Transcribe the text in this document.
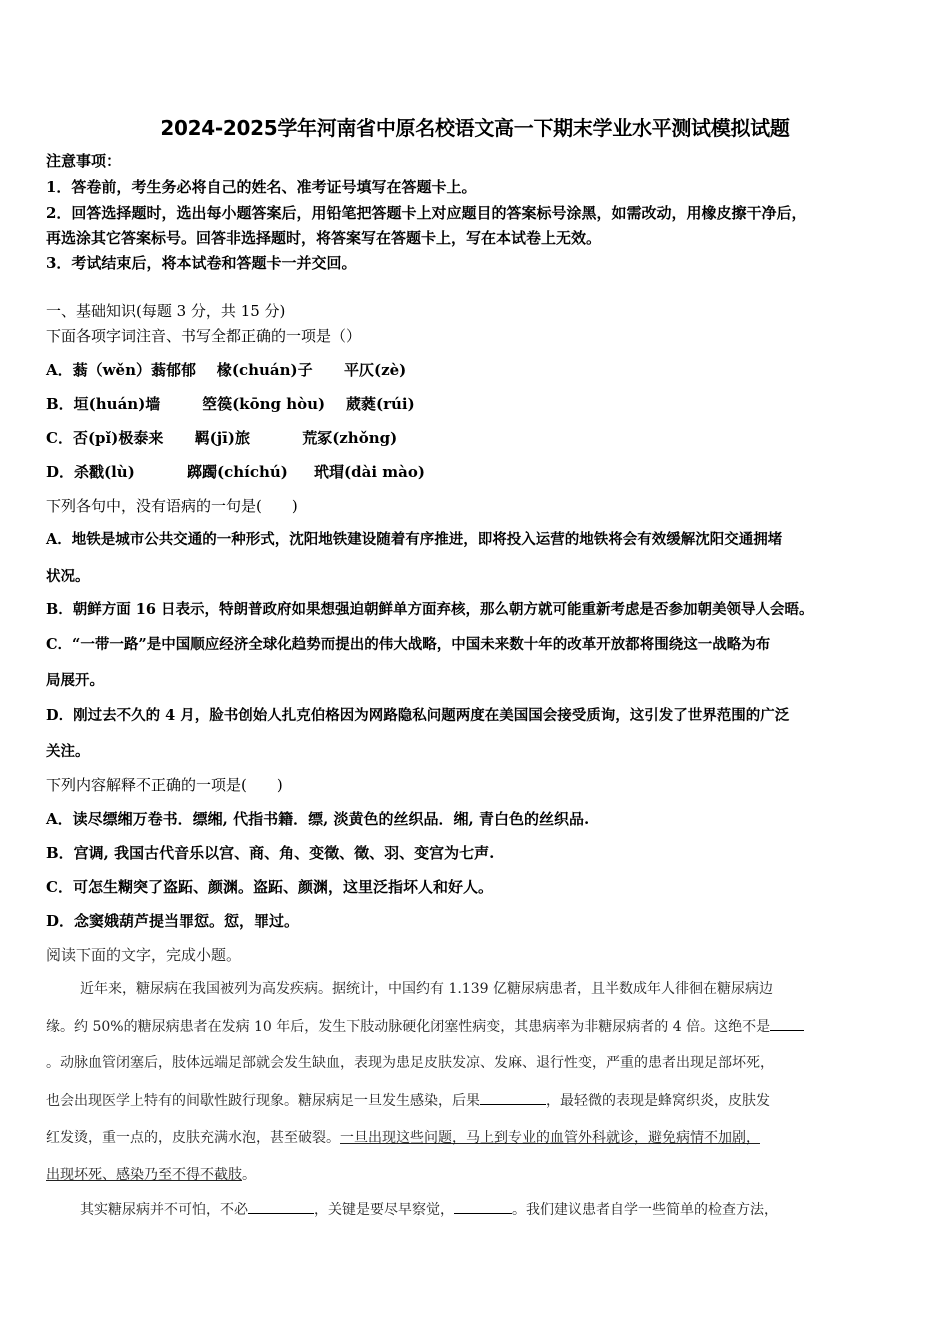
2024-2025学年河南省中原名校语文高一下期末学业水平测试模拟试题
注意事项：
1．答卷前，考生务必将自己的姓名、准考证号填写在答题卡上。
2．回答选择题时，选出每小题答案后，用铅笔把答题卡上对应题目的答案标号涂黑，如需改动，用橡皮擦干净后，
再选涂其它答案标号。回答非选择题时，将答案写在答题卡上，写在本试卷上无效。
3．考试结束后，将本试卷和答题卡一并交回。
一、基础知识(每题 3 分，共 15 分)
下面各项字词注音、书写全都正确的一项是（）
A．蓊（wěn）蓊郁郁    椽(chuán)子      平仄(zè)
B．垣(huán)墙        箜篌(kōng hòu)    葳蕤(rúi)
C．否(pǐ)极泰来      羁(jī)旅          荒冢(zhǒng)
D．杀戳(lù)          踯躅(chíchú)     玳瑁(dài mào)
下列各句中，没有语病的一句是(　　)
A．地铁是城市公共交通的一种形式，沈阳地铁建设随着有序推进，即将投入运营的地铁将会有效缓解沈阳交通拥堵
状况。
B．朝鲜方面 16 日表示，特朗普政府如果想强迫朝鲜单方面弃核，那么朝方就可能重新考虑是否参加朝美领导人会晤。
C．“一带一路”是中国顺应经济全球化趋势而提出的伟大战略，中国未来数十年的改革开放都将围绕这一战略为布
局展开。
D．刚过去不久的 4 月，脸书创始人扎克伯格因为网路隐私问题两度在美国国会接受质询，这引发了世界范围的广泛
关注。
下列内容解释不正确的一项是(　　)
A．读尽缥缃万卷书．缥缃, 代指书籍．缥, 淡黄色的丝织品．缃, 青白色的丝织品.
B．宫调, 我国古代音乐以宫、商、角、变徵、徵、羽、变宫为七声.
C．可怎生糊突了盗跖、颜渊。盗跖、颜渊，这里泛指坏人和好人。
D．念窦娥葫芦提当罪愆。愆，罪过。
阅读下面的文字，完成小题。
近年来，糖尿病在我国被列为高发疾病。据统计，中国约有 1.139 亿糖尿病患者，且半数成年人徘徊在糖尿病边
缘。约 50%的糖尿病患者在发病 10 年后，发生下肢动脉硬化闭塞性病变，其患病率为非糖尿病者的 4 倍。这绝不是
。动脉血管闭塞后，肢体远端足部就会发生缺血，表现为患足皮肤发凉、发麻、退行性变，严重的患者出现足部坏死，
也会出现医学上特有的间歇性跛行现象。糖尿病足一旦发生感染，后果	，最轻微的表现是蜂窝织炎，皮肤发
红发烫，重一点的，皮肤充满水泡，甚至破裂。一旦出现这些问题，马上到专业的血管外科就诊，避免病情不加剧，
出现坏死、感染乃至不得不截肢。
其实糖尿病并不可怕，不必	，关键是要尽早察觉，	。我们建议患者自学一些简单的检查方法，
